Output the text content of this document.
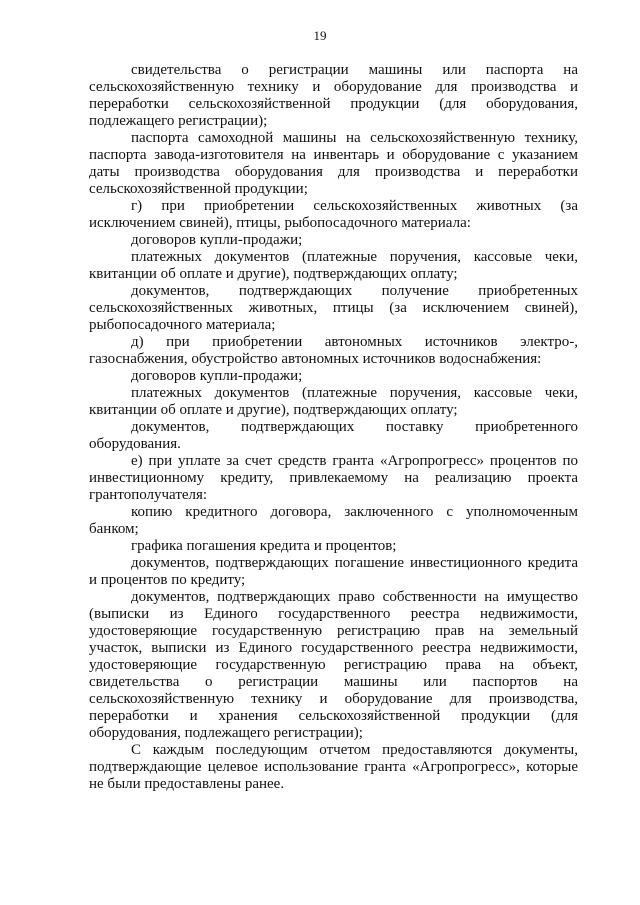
19

свидетельства о регистрации машины или паспорта на сельскохозяйственную технику и оборудование для производства и переработки сельскохозяйственной продукции (для оборудования, подлежащего регистрации);

паспорта самоходной машины на сельскохозяйственную технику, паспорта завода-изготовителя на инвентарь и оборудование с указанием даты производства оборудования для производства и переработки сельскохозяйственной продукции;

г) при приобретении сельскохозяйственных животных (за исключением свиней), птицы, рыбопосадочного материала:

договоров купли-продажи;

платежных документов (платежные поручения, кассовые чеки, квитанции об оплате и другие), подтверждающих оплату;

документов, подтверждающих получение приобретенных сельскохозяйственных животных, птицы (за исключением свиней), рыбопосадочного материала;

д) при приобретении автономных источников электро-, газоснабжения, обустройство автономных источников водоснабжения:

договоров купли-продажи;

платежных документов (платежные поручения, кассовые чеки, квитанции об оплате и другие), подтверждающих оплату;

документов, подтверждающих поставку приобретенного оборудования.

е) при уплате за счет средств гранта «Агропрогресс» процентов по инвестиционному кредиту, привлекаемому на реализацию проекта грантополучателя:

копию кредитного договора, заключенного с уполномоченным банком;

графика погашения кредита и процентов;

документов, подтверждающих погашение инвестиционного кредита и процентов по кредиту;

документов, подтверждающих право собственности на имущество (выписки из Единого государственного реестра недвижимости, удостоверяющие государственную регистрацию прав на земельный участок, выписки из Единого государственного реестра недвижимости, удостоверяющие государственную регистрацию права на объект, свидетельства о регистрации машины или паспортов на сельскохозяйственную технику и оборудование для производства, переработки и хранения сельскохозяйственной продукции (для оборудования, подлежащего регистрации);

С каждым последующим отчетом предоставляются документы, подтверждающие целевое использование гранта «Агропрогресс», которые не были предоставлены ранее.
